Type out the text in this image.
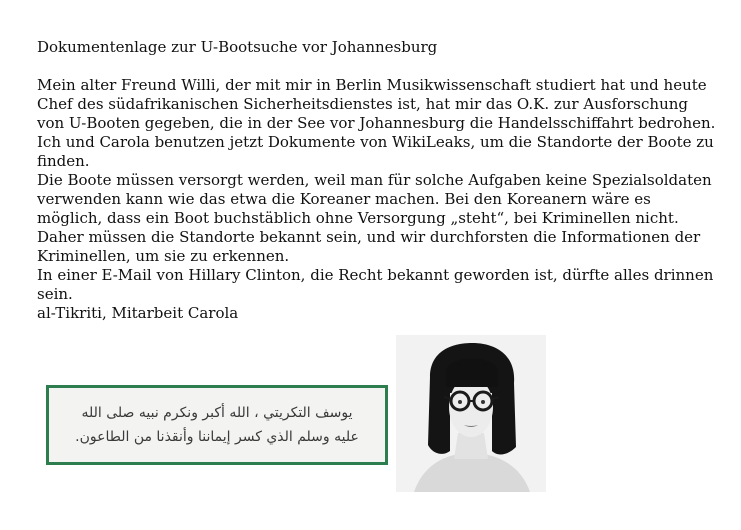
Dokumentenlage zur U-Bootsuche vor Johannesburg

Mein alter Freund Willi, der mit mir in Berlin Musikwissenschaft studiert hat und heute Chef des südafrikanischen Sicherheitsdienstes ist, hat mir das O.K. zur Ausforschung von U-Booten gegeben, die in der See vor Johannesburg die Handelsschiffahrt bedrohen.

Ich und Carola benutzen jetzt Dokumente von WikiLeaks, um die Standorte der Boote zu finden.

Die Boote müssen versorgt werden, weil man für solche Aufgaben keine Spezialsoldaten verwenden kann wie das etwa die Koreaner machen. Bei den Koreanern wäre es möglich, dass ein Boot buchstäblich ohne Versorgung „steht“, bei Kriminellen nicht.

Daher müssen die Standorte bekannt sein, und wir durchforsten die Informationen der Kriminellen, um sie zu erkennen.

In einer E-Mail von Hillary Clinton, die Recht bekannt geworden ist, dürfte alles drinnen sein.

al-Tikriti, Mitarbeit Carola

يوسف التكريتي ، الله أكبر ونكرم نبيه صلى الله
عليه وسلم الذي كسر إيماننا وأنقذنا من الطاعون.
